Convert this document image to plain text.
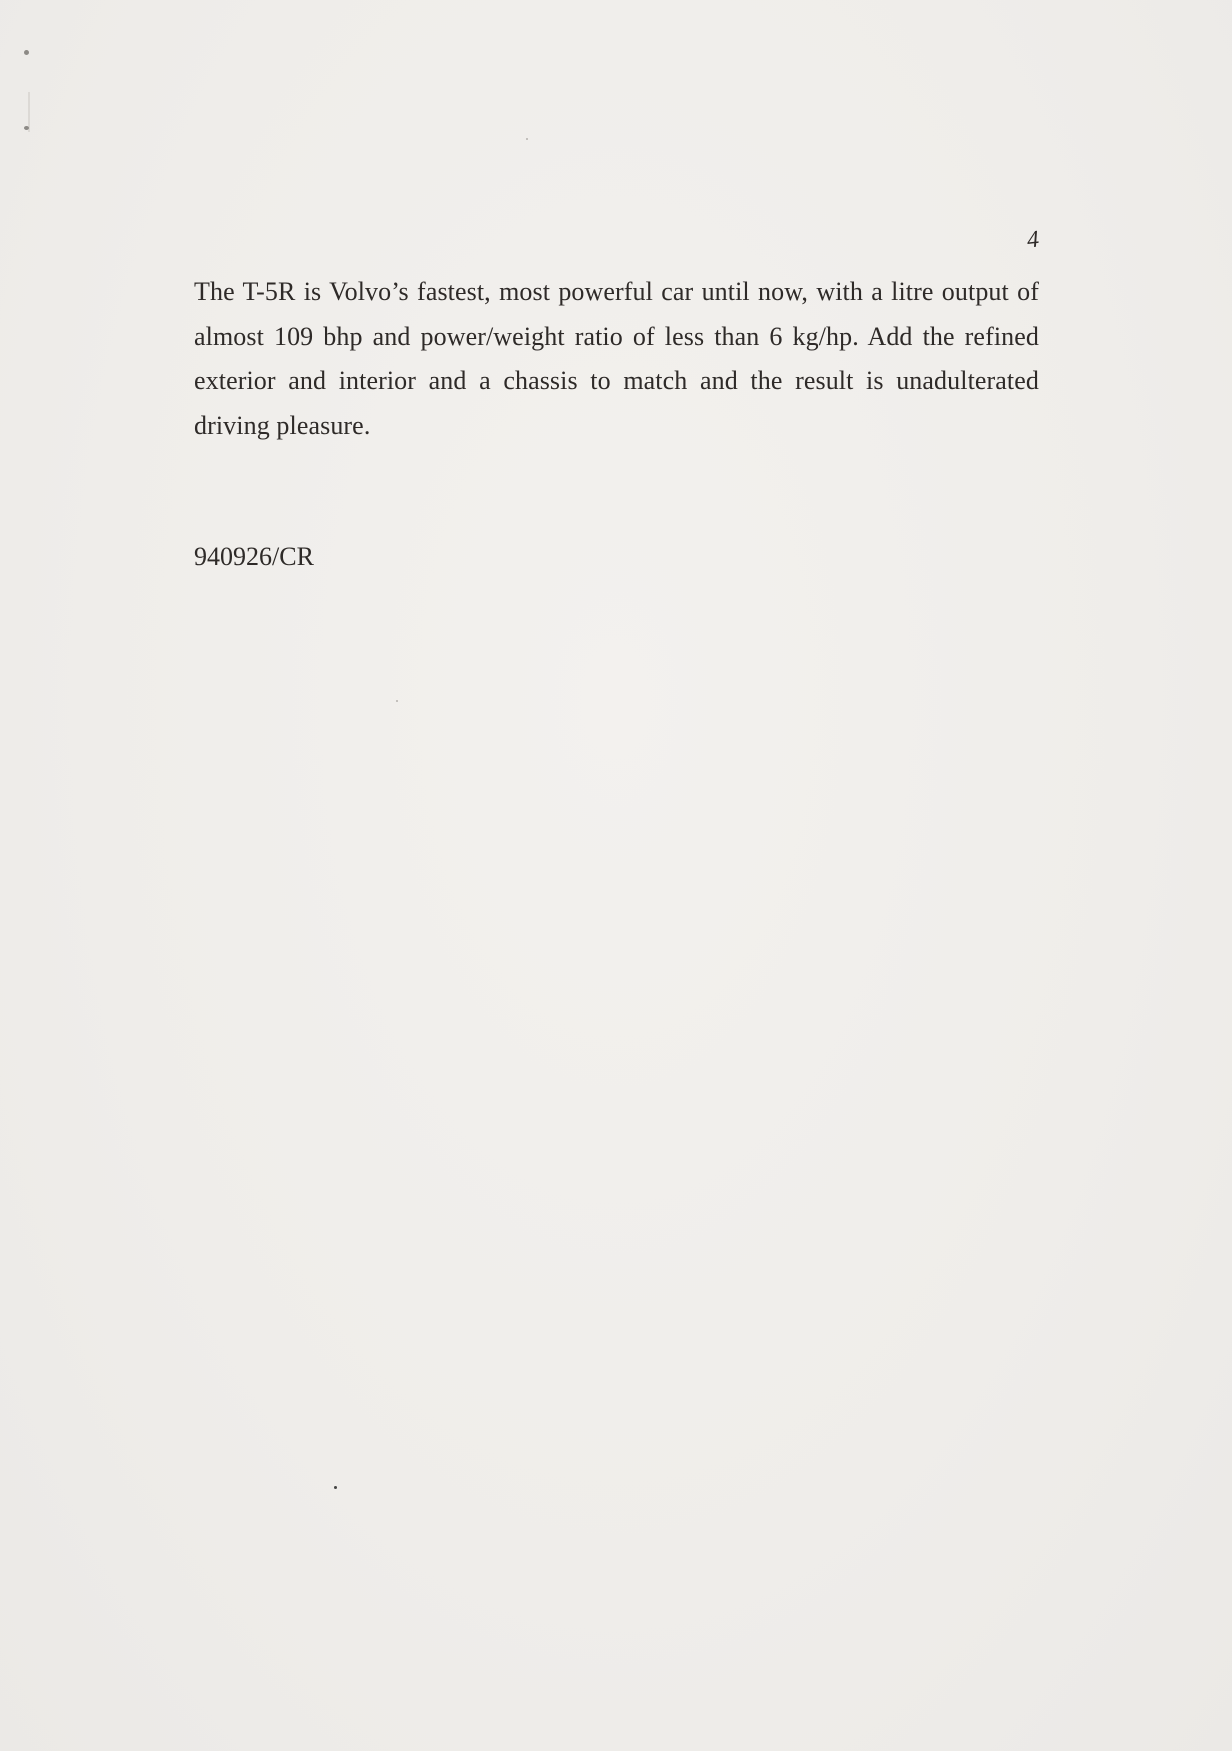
4

The T-5R is Volvo’s fastest, most powerful car until now, with a litre output of almost 109 bhp and power/weight ratio of less than 6 kg/hp. Add the refined exterior and interior and a chassis to match and the result is unadulterated driving pleasure.

940926/CR
